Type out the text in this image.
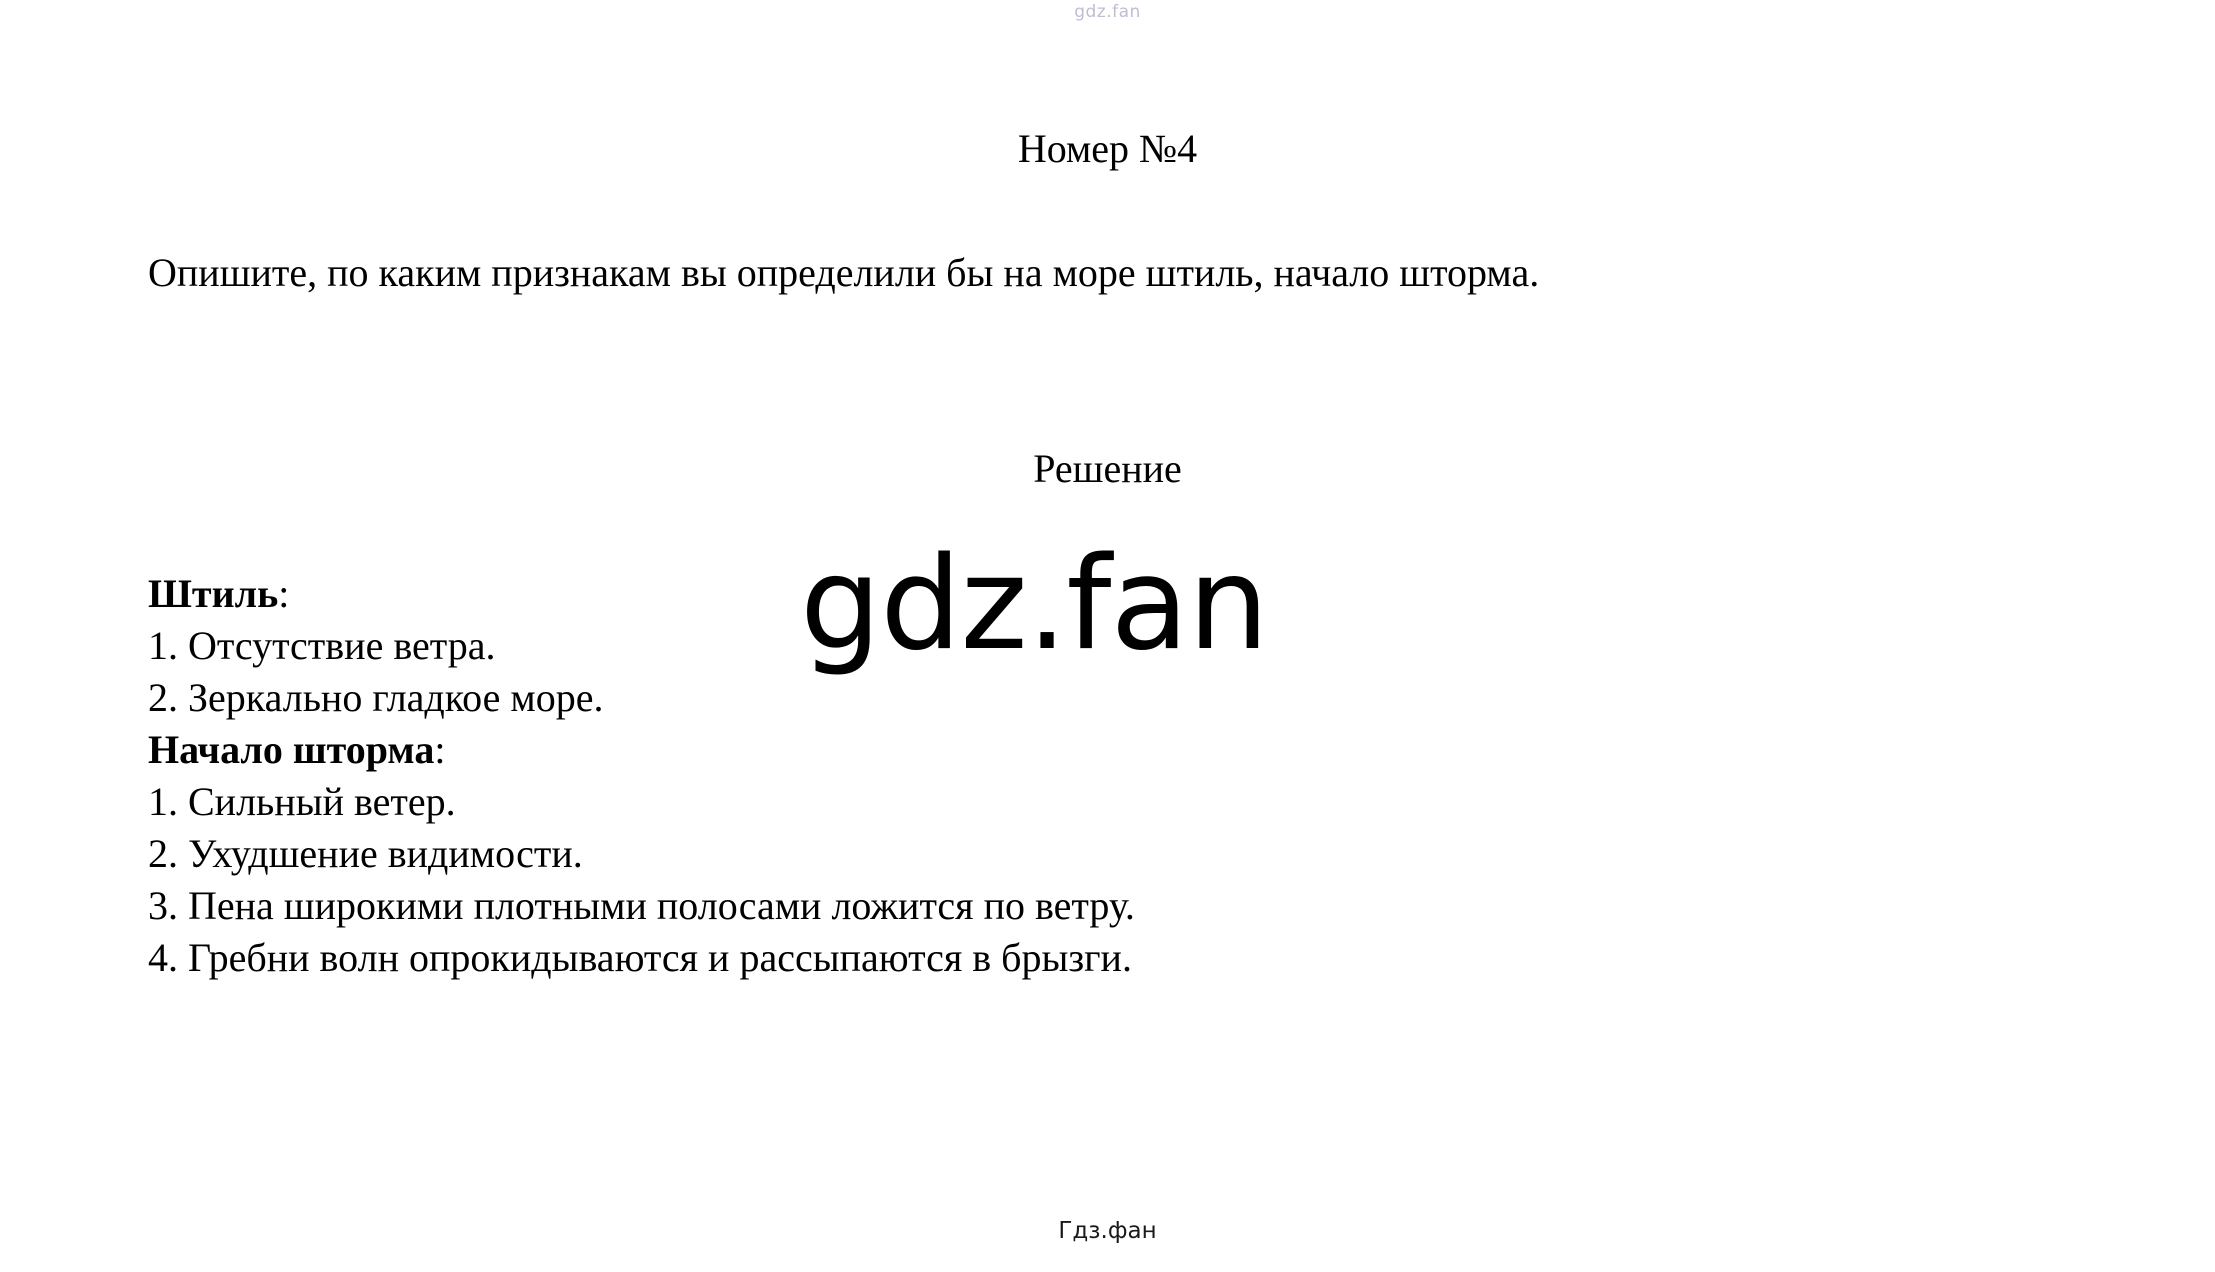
gdz.fan
Номер №4
Опишите, по каким признакам вы определили бы на море штиль, начало шторма.
Решение
Штиль:
1. Отсутствие ветра.
2. Зеркально гладкое море.
Начало шторма:
1. Сильный ветер.
2. Ухудшение видимости.
3. Пена широкими плотными полосами ложится по ветру.
4. Гребни волн опрокидываются и рассыпаются в брызги.
gdz.fan
Гдз.фан
